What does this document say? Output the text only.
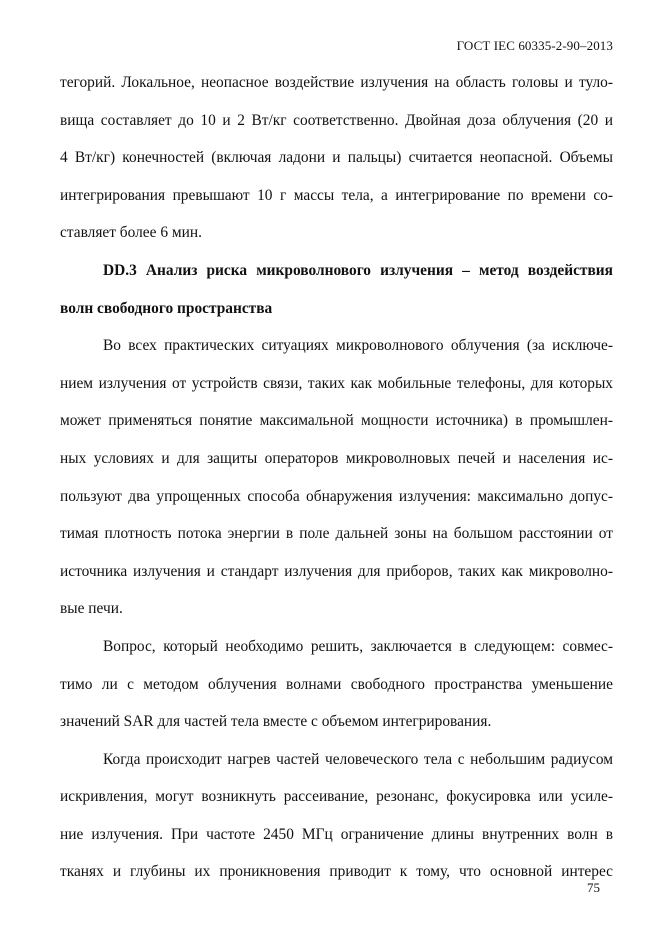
ГОСТ IEC 60335-2-90–2013
тегорий. Локальное, неопасное воздействие излучения на область головы и туло-
вища составляет до 10 и 2 Вт/кг соответственно. Двойная доза облучения (20 и
4 Вт/кг) конечностей (включая ладони и пальцы) считается неопасной. Объемы
интегрирования превышают 10 г массы тела, а интегрирование по времени со-
ставляет более 6 мин.
DD.3 Анализ риска микроволнового излучения – метод воздействия
волн свободного пространства
Во всех практических ситуациях микроволнового облучения (за исключе-
нием излучения от устройств связи, таких как мобильные телефоны, для которых
может применяться понятие максимальной мощности источника) в промышлен-
ных условиях и для защиты операторов микроволновых печей и населения ис-
пользуют два упрощенных способа обнаружения излучения: максимально допус-
тимая плотность потока энергии в поле дальней зоны на большом расстоянии от
источника излучения и стандарт излучения для приборов, таких как микроволно-
вые печи.
Вопрос, который необходимо решить, заключается в следующем: совмес-
тимо ли с методом облучения волнами свободного пространства уменьшение
значений SAR для частей тела вместе с объемом интегрирования.
Когда происходит нагрев частей человеческого тела с небольшим радиусом
искривления, могут возникнуть рассеивание, резонанс, фокусировка или усиле-
ние излучения. При частоте 2450 МГц ограничение длины внутренних волн в
тканях и глубины их проникновения приводит к тому, что основной интерес
75
